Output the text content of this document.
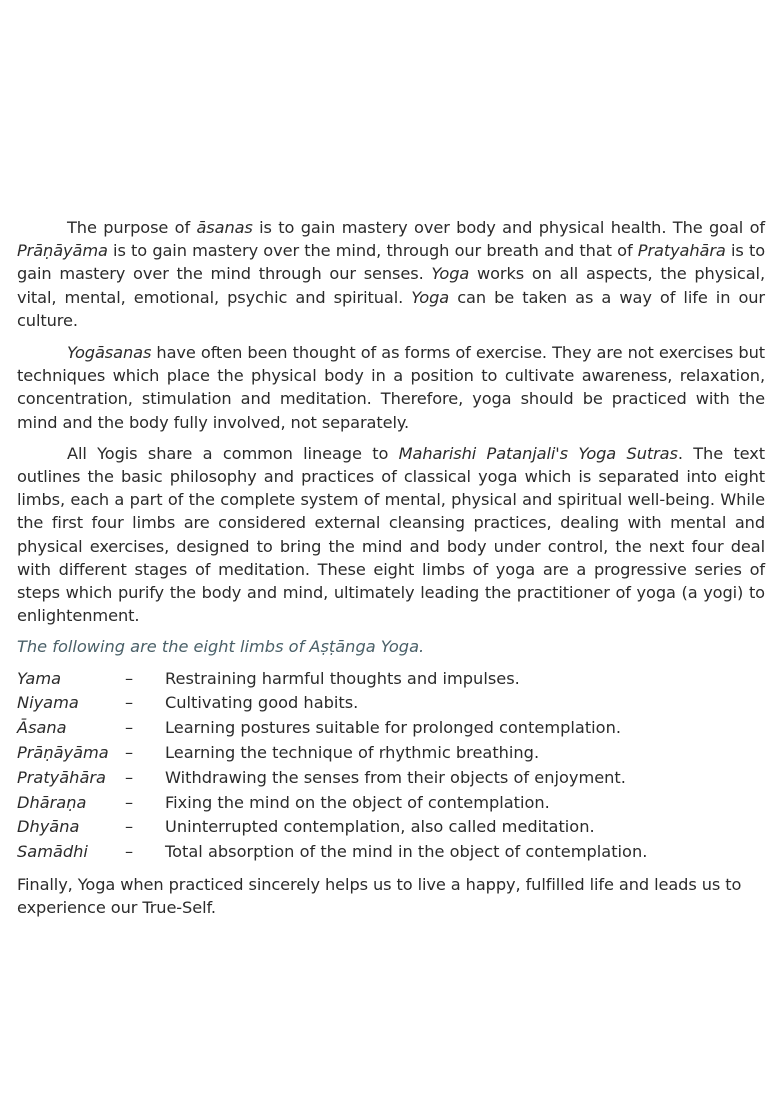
The purpose of āsanas is to gain mastery over body and physical health. The goal of Prāṇāyāma is to gain mastery over the mind, through our breath and that of Pratyahāra is to gain mastery over the mind through our senses. Yoga works on all aspects, the physical, vital, mental, emotional, psychic and spiritual. Yoga can be taken as a way of life in our culture.

Yogāsanas have often been thought of as forms of exercise. They are not exercises but techniques which place the physical body in a position to cultivate awareness, relaxation, concentration, stimulation and meditation. Therefore, yoga should be practiced with the mind and the body fully involved, not separately.

All Yogis share a common lineage to Maharishi Patanjali's Yoga Sutras. The text outlines the basic philosophy and practices of classical yoga which is separated into eight limbs, each a part of the complete system of mental, physical and spiritual well-being. While the first four limbs are considered external cleansing practices, dealing with mental and physical exercises, designed to bring the mind and body under control, the next four deal with different stages of meditation. These eight limbs of yoga are a progressive series of steps which purify the body and mind, ultimately leading the practitioner of yoga (a yogi) to enlightenment.

The following are the eight limbs of Aṣṭānga Yoga.

Yama	–	Restraining harmful thoughts and impulses.
Niyama	–	Cultivating good habits.
Āsana	–	Learning postures suitable for prolonged contemplation.
Prāṇāyāma	–	Learning the technique of rhythmic breathing.
Pratyāhāra	–	Withdrawing the senses from their objects of enjoyment.
Dhāraṇa	–	Fixing the mind on the object of contemplation.
Dhyāna	–	Uninterrupted contemplation, also called meditation.
Samādhi	–	Total absorption of the mind in the object of contemplation.

Finally, Yoga when practiced sincerely helps us to live a happy, fulfilled life and leads us to experience our True-Self.
